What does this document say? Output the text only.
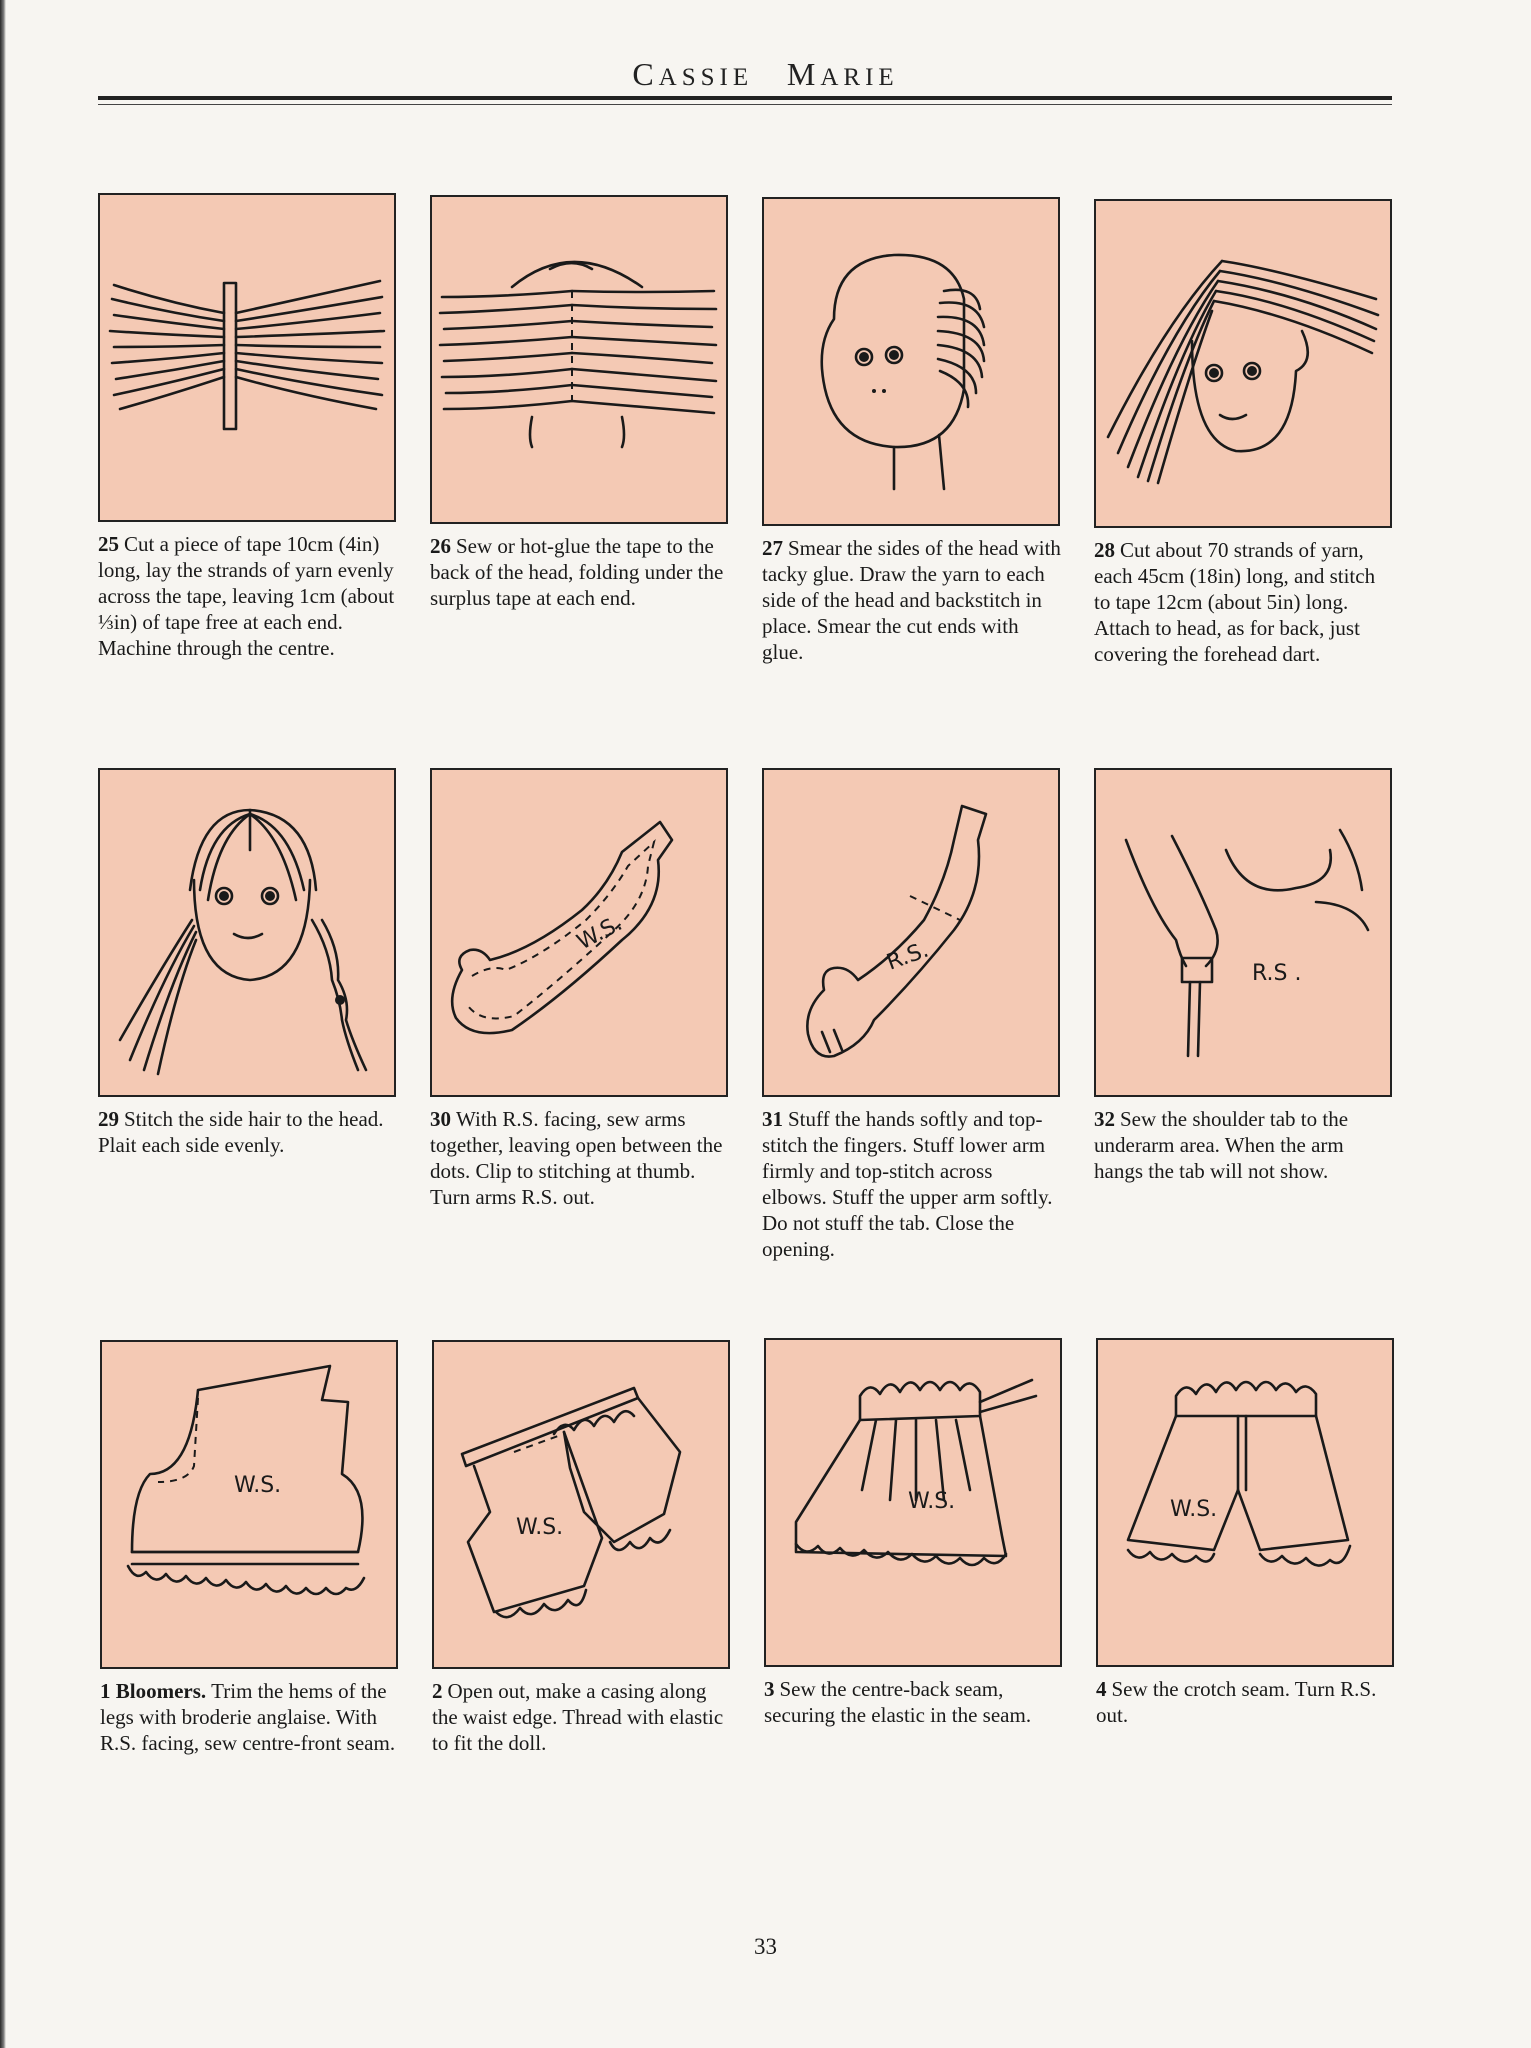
CASSIE MARIE
25 Cut a piece of tape 10cm (4in) long, lay the strands of yarn evenly across the tape, leaving 1cm (about ⅓in) of tape free at each end. Machine through the centre.
26 Sew or hot-glue the tape to the back of the head, folding under the surplus tape at each end.
27 Smear the sides of the head with tacky glue. Draw the yarn to each side of the head and backstitch in place. Smear the cut ends with glue.
28 Cut about 70 strands of yarn, each 45cm (18in) long, and stitch to tape 12cm (about 5in) long. Attach to head, as for back, just covering the forehead dart.
29 Stitch the side hair to the head. Plait each side evenly.
W.S.
30 With R.S. facing, sew arms together, leaving open between the dots. Clip to stitching at thumb. Turn arms R.S. out.
R.S.
31 Stuff the hands softly and top-stitch the fingers. Stuff lower arm firmly and top-stitch across elbows. Stuff the upper arm softly. Do not stuff the tab. Close the opening.
R.S .
32 Sew the shoulder tab to the underarm area. When the arm hangs the tab will not show.
W.S.
1 Bloomers. Trim the hems of the legs with broderie anglaise. With R.S. facing, sew centre-front seam.
W.S.
2 Open out, make a casing along the waist edge. Thread with elastic to fit the doll.
W.S.
3 Sew the centre-back seam, securing the elastic in the seam.
W.S.
4 Sew the crotch seam. Turn R.S. out.
33
